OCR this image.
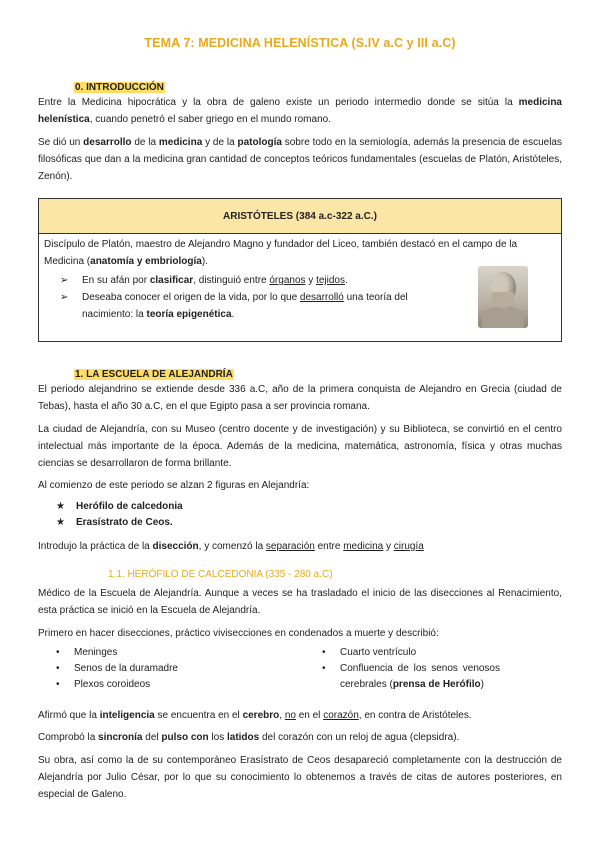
TEMA 7: MEDICINA HELENÍSTICA (S.IV a.C y III a.C)
0. INTRODUCCIÓN

Entre la Medicina hipocrática y la obra de galeno existe un periodo intermedio donde se sitúa la medicina helenística, cuando penetró el saber griego en el mundo romano.

Se dió un desarrollo de la medicina y de la patología sobre todo en la semiología, además la presencia de escuelas filosóficas que dan a la medicina gran cantidad de conceptos teóricos fundamentales (escuelas de Platón, Aristóteles, Zenón).

ARISTÓTELES (384 a.c-322 a.C.)

Discípulo de Platón, maestro de Alejandro Magno y fundador del Liceo, también destacó en el campo de la Medicina (anatomía y embriología).

➢ En su afán por clasificar, distinguió entre órganos y tejidos.
➢ Deseaba conocer el origen de la vida, por lo que desarrolló una teoría del nacimiento: la teoría epigenética.
1. LA ESCUELA DE ALEJANDRÍA

El periodo alejandrino se extiende desde 336 a.C, año de la primera conquista de Alejandro en Grecia (ciudad de Tebas), hasta el año 30 a.C, en el que Egipto pasa a ser provincia romana.

La ciudad de Alejandría, con su Museo (centro docente y de investigación) y su Biblioteca, se convirtió en el centro intelectual más importante de la época. Además de la medicina, matemática, astronomía, física y otras muchas ciencias se desarrollaron de forma brillante.

Al comienzo de este periodo se alzan 2 figuras en Alejandría:

★ Herófilo de calcedonia
★ Erasístrato de Ceos.

Introdujo la práctica de la disección, y comenzó la separación entre medicina y cirugía

1.1. HERÓFILO DE CALCEDONIA (335 - 280 a.C)

Médico de la Escuela de Alejandría. Aunque a veces se ha trasladado el inicio de las disecciones al Renacimiento, esta práctica se inició en la Escuela de Alejandría.

Primero en hacer disecciones, práctico vivisecciones en condenados a muerte y describió:

• Meninges
• Senos de la duramadre
• Plexos coroideos
• Cuarto ventrículo
• Confluencia de los senos venosos cerebrales (prensa de Herófilo)

Afirmó que la inteligencia se encuentra en el cerebro, no en el corazón, en contra de Aristóteles.

Comprobó la sincronía del pulso con los latidos del corazón con un reloj de agua (clepsidra).

Su obra, así como la de su contemporáneo Erasístrato de Ceos desapareció completamente con la destrucción de Alejandría por Julio César, por lo que su conocimiento lo obtenemos a través de citas de autores posteriores, en especial de Galeno.
